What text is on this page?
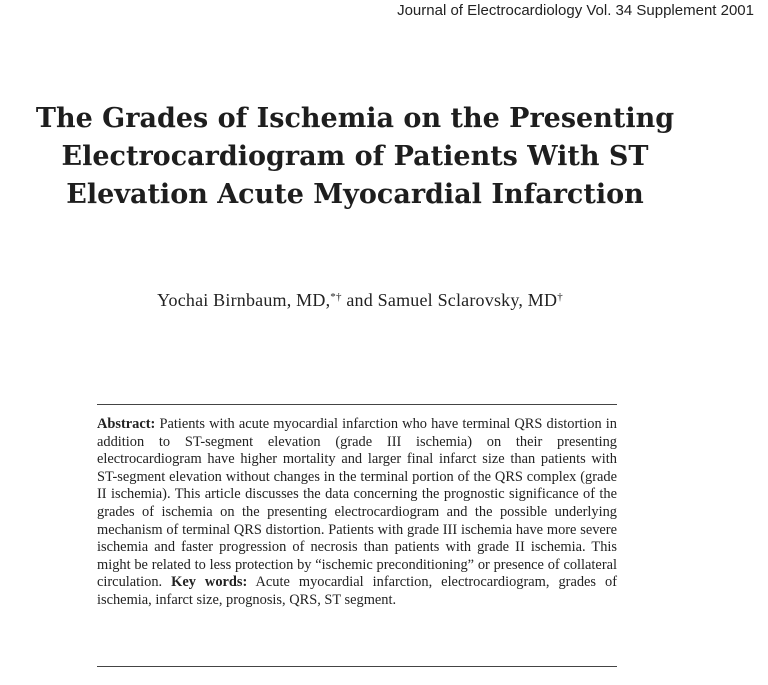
Journal of Electrocardiology Vol. 34 Supplement 2001
The Grades of Ischemia on the Presenting
Electrocardiogram of Patients With ST
Elevation Acute Myocardial Infarction
Yochai Birnbaum, MD,*† and Samuel Sclarovsky, MD†

Abstract: Patients with acute myocardial infarction who have terminal QRS distortion in addition to ST-segment elevation (grade III ischemia) on their presenting electrocardiogram have higher mortality and larger final infarct size than patients with ST-segment elevation without changes in the terminal portion of the QRS complex (grade II ischemia). This article discusses the data concerning the prognostic significance of the grades of ischemia on the presenting electrocardiogram and the possible underlying mechanism of terminal QRS distortion. Patients with grade III ischemia have more severe ischemia and faster progression of necrosis than patients with grade II ischemia. This might be related to less protection by “ischemic preconditioning” or presence of collateral circulation. Key words: Acute myocardial infarction, electrocardiogram, grades of ischemia, infarct size, prognosis, QRS, ST segment.
